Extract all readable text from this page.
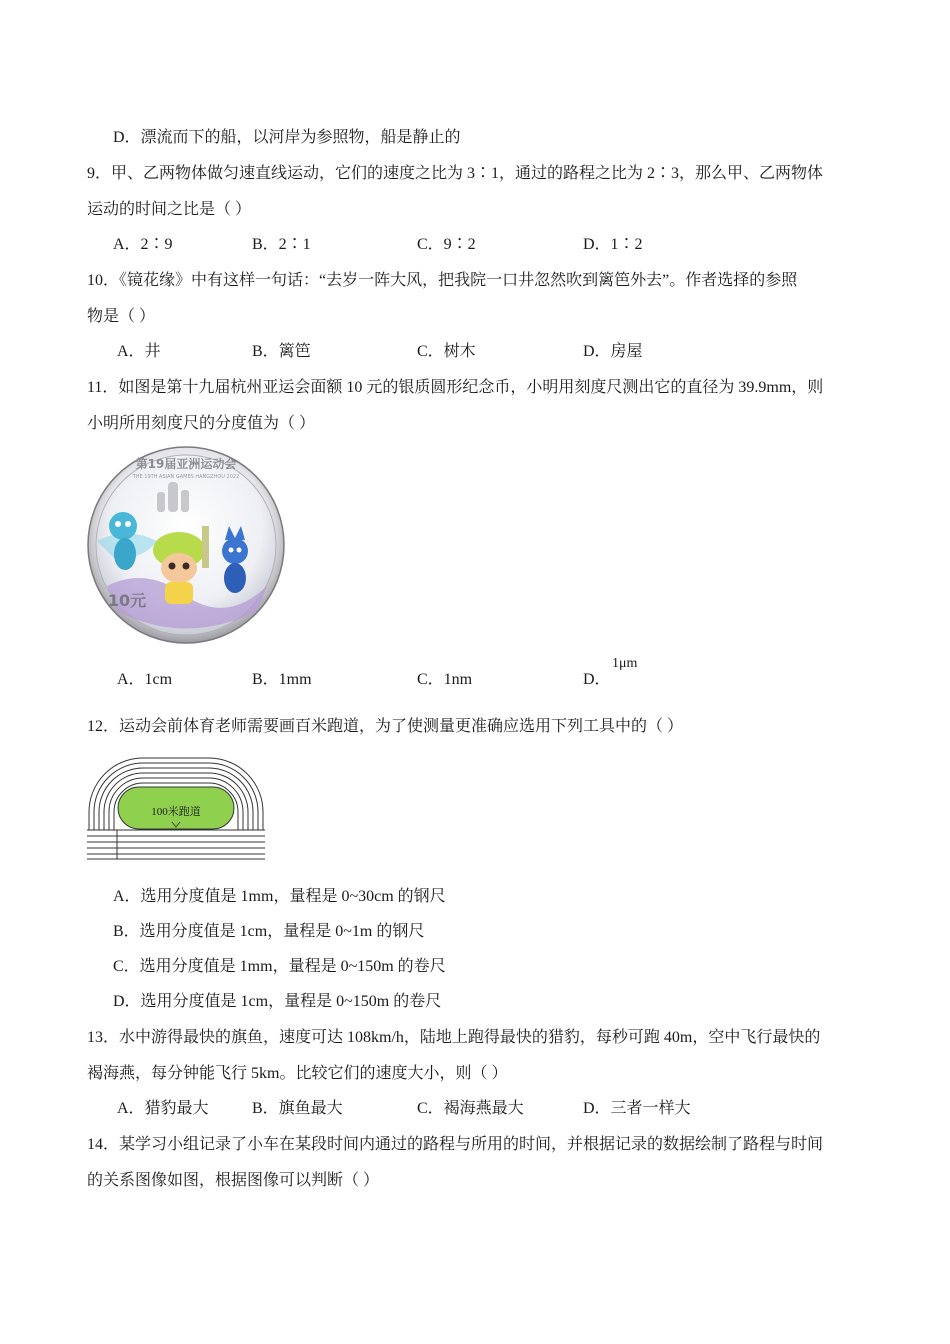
D．漂流而下的船，以河岸为参照物，船是静止的
9．甲、乙两物体做匀速直线运动，它们的速度之比为 3∶1，通过的路程之比为 2∶3，那么甲、乙两物体
运动的时间之比是（ ）
A．2∶9	B．2∶1	C．9∶2	D．1∶2
10．《镜花缘》中有这样一句话：“去岁一阵大风，把我院一口井忽然吹到篱笆外去”。作者选择的参照
物是（ ）
A．井	B．篱笆	C．树木	D．房屋
11．如图是第十九届杭州亚运会面额 10 元的银质圆形纪念币，小明用刻度尺测出它的直径为 39.9mm，则
小明所用刻度尺的分度值为（ ）
第19届亚洲运动会
THE 19TH ASIAN GAMES HANGZHOU 2022
10元
A．1cm	B．1mm	C．1nm	D．
1μm
12．运动会前体育老师需要画百米跑道，为了使测量更准确应选用下列工具中的（ ）
100米跑道
A．选用分度值是 1mm，量程是 0~30cm 的钢尺
B．选用分度值是 1cm，量程是 0~1m 的钢尺
C．选用分度值是 1mm，量程是 0~150m 的卷尺
D．选用分度值是 1cm，量程是 0~150m 的卷尺
13．水中游得最快的旗鱼，速度可达 108km/h，陆地上跑得最快的猎豹，每秒可跑 40m，空中飞行最快的
褐海燕，每分钟能飞行 5km。比较它们的速度大小，则（ ）
A．猎豹最大	B．旗鱼最大	C．褐海燕最大	D．三者一样大
14．某学习小组记录了小车在某段时间内通过的路程与所用的时间，并根据记录的数据绘制了路程与时间
的关系图像如图，根据图像可以判断（ ）
